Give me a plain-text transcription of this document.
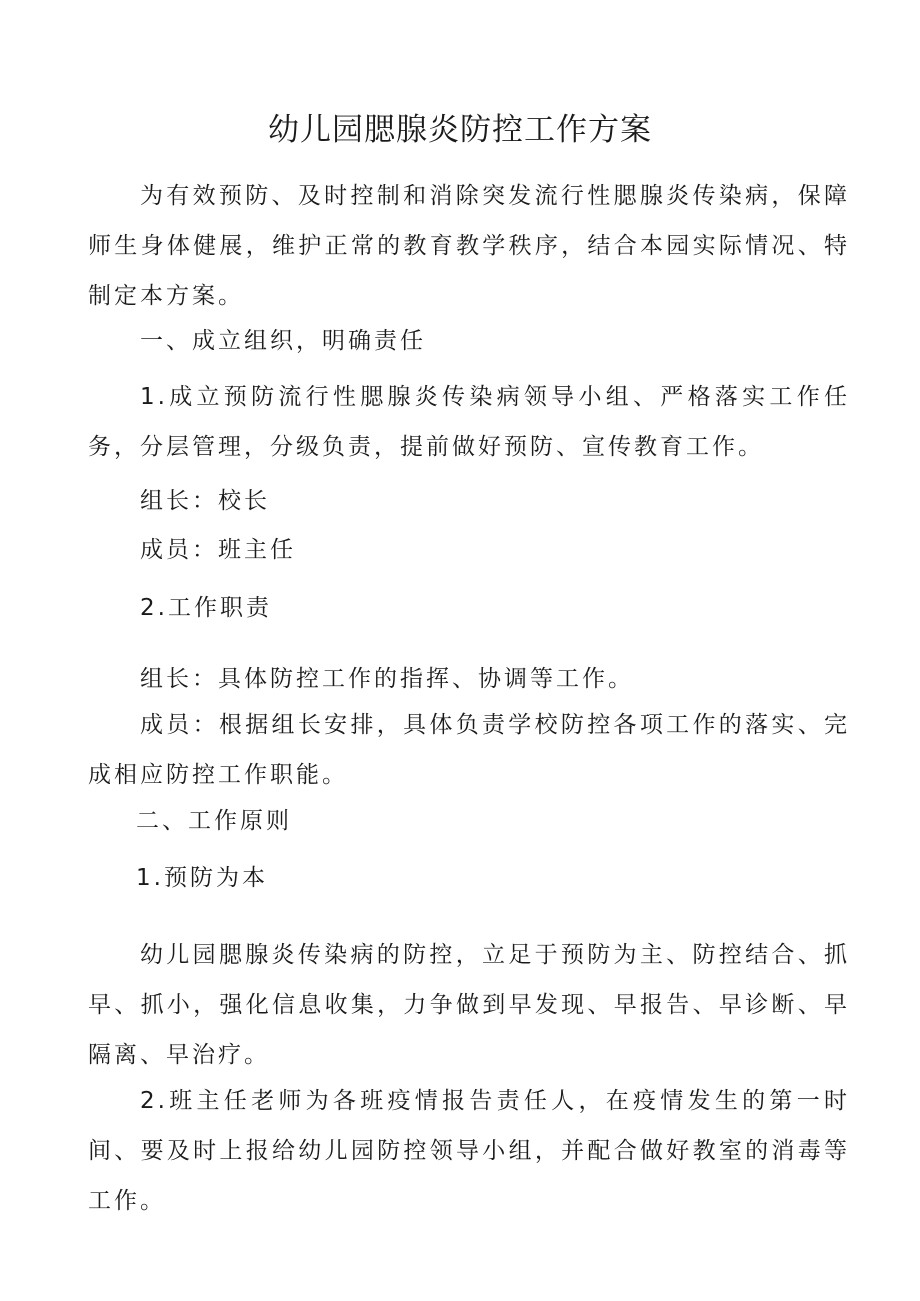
幼儿园腮腺炎防控工作方案
为有效预防、及时控制和消除突发流行性腮腺炎传染病，保障师生身体健展，维护正常的教育教学秩序，结合本园实际情况、特制定本方案。
一、成立组织，明确责任
1.成立预防流行性腮腺炎传染病领导小组、严格落实工作任务，分层管理，分级负责，提前做好预防、宣传教育工作。
组长：校长
成员：班主任
2.工作职责
组长：具体防控工作的指挥、协调等工作。
成员：根据组长安排，具体负责学校防控各项工作的落实、完成相应防控工作职能。
二、工作原则
1.预防为本
幼儿园腮腺炎传染病的防控，立足于预防为主、防控结合、抓早、抓小，强化信息收集，力争做到早发现、早报告、早诊断、早隔离、早治疗。
2.班主任老师为各班疫情报告责任人，在疫情发生的第一时间、要及时上报给幼儿园防控领导小组，并配合做好教室的消毒等工作。
